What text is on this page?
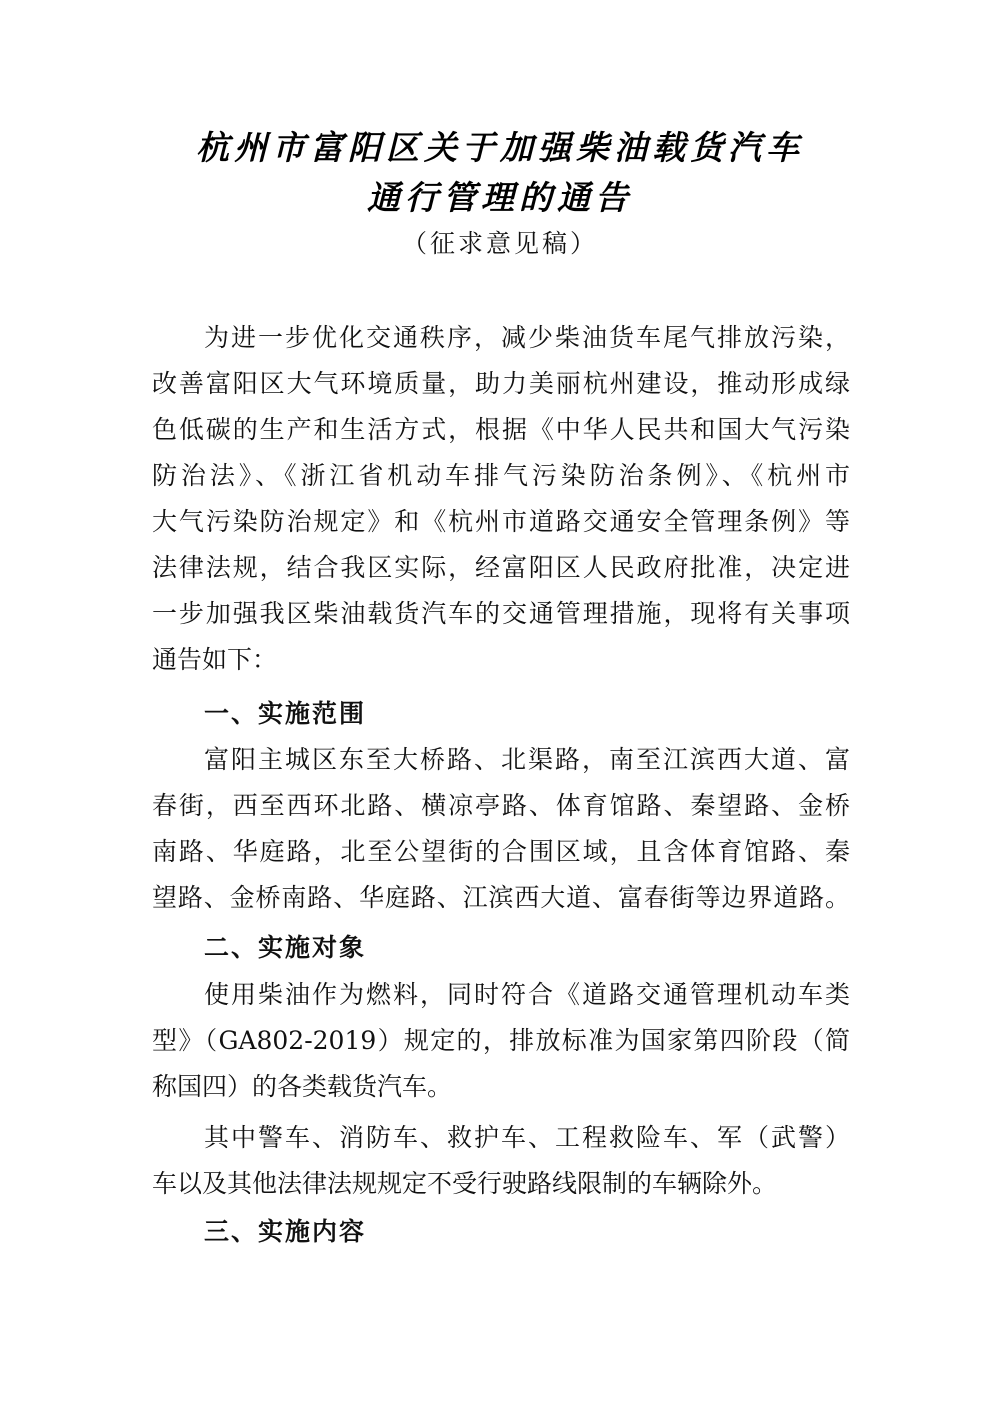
杭州市富阳区关于加强柴油载货汽车
通行管理的通告
（征求意见稿）
为进一步优化交通秩序，减少柴油货车尾气排放污染，
改善富阳区大气环境质量，助力美丽杭州建设，推动形成绿
色低碳的生产和生活方式，根据《中华人民共和国大气污染
防治法》、《浙江省机动车排气污染防治条例》、《杭州市
大气污染防治规定》和《杭州市道路交通安全管理条例》等
法律法规，结合我区实际，经富阳区人民政府批准，决定进
一步加强我区柴油载货汽车的交通管理措施，现将有关事项
通告如下：
一、实施范围
富阳主城区东至大桥路、北渠路，南至江滨西大道、富
春街，西至西环北路、横凉亭路、体育馆路、秦望路、金桥
南路、华庭路，北至公望街的合围区域，且含体育馆路、秦
望路、金桥南路、华庭路、江滨西大道、富春街等边界道路。
二、实施对象
使用柴油作为燃料，同时符合《道路交通管理机动车类
型》（GA802-2019）规定的，排放标准为国家第四阶段（简
称国四）的各类载货汽车。
其中警车、消防车、救护车、工程救险车、军（武警）
车以及其他法律法规规定不受行驶路线限制的车辆除外。
三、实施内容
